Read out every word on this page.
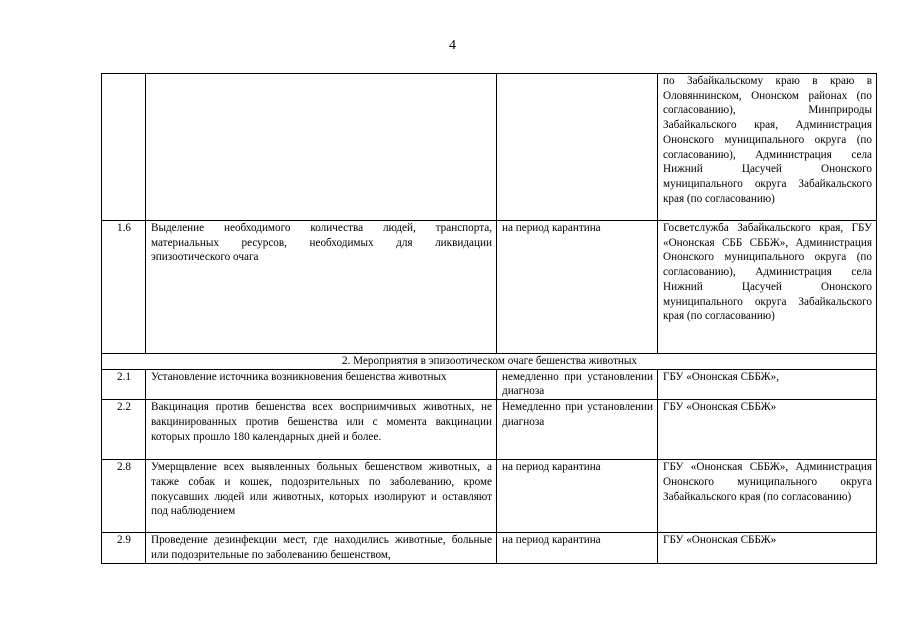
4
			по Забайкальскому краю в краю в Оловяннинском, Ононском районах (по согласованию), Минприроды Забайкальского края, Администрация Ононского муниципального округа (по согласованию), Администрация села Нижний Цасучей Ононского муниципального округа Забайкальского края (по согласованию)
1.6	Выделение необходимого количества людей, транспорта, материальных ресурсов, необходимых для ликвидации эпизоотического очага	на период карантина	Госветслужба Забайкальского края, ГБУ «Ононская СББ СББЖ», Администрация Ононского муниципального округа (по согласованию), Администрация села Нижний Цасучей Ононского муниципального округа Забайкальского края (по согласованию)
2. Мероприятия в эпизоотическом очаге бешенства животных			
2.1	Установление источника возникновения бешенства животных	немедленно при установлении диагноза	ГБУ «Ононская СББЖ»,
2.2	Вакцинация против бешенства всех восприимчивых животных, не вакцинированных против бешенства или с момента вакцинации которых прошло 180 календарных дней и более.	Немедленно при установлении диагноза	ГБУ «Ононская СББЖ»
2.8	Умерщвление всех выявленных больных бешенством животных, а также собак и кошек, подозрительных по заболеванию, кроме покусавших людей или животных, которых изолируют и оставляют под наблюдением	на период карантина	ГБУ «Ононская СББЖ», Администрация Ононского муниципального округа Забайкальского края (по согласованию)
2.9	Проведение дезинфекции мест, где находились животные, больные или подозрительные по заболеванию бешенством,	на период карантина	ГБУ «Ононская СББЖ»
